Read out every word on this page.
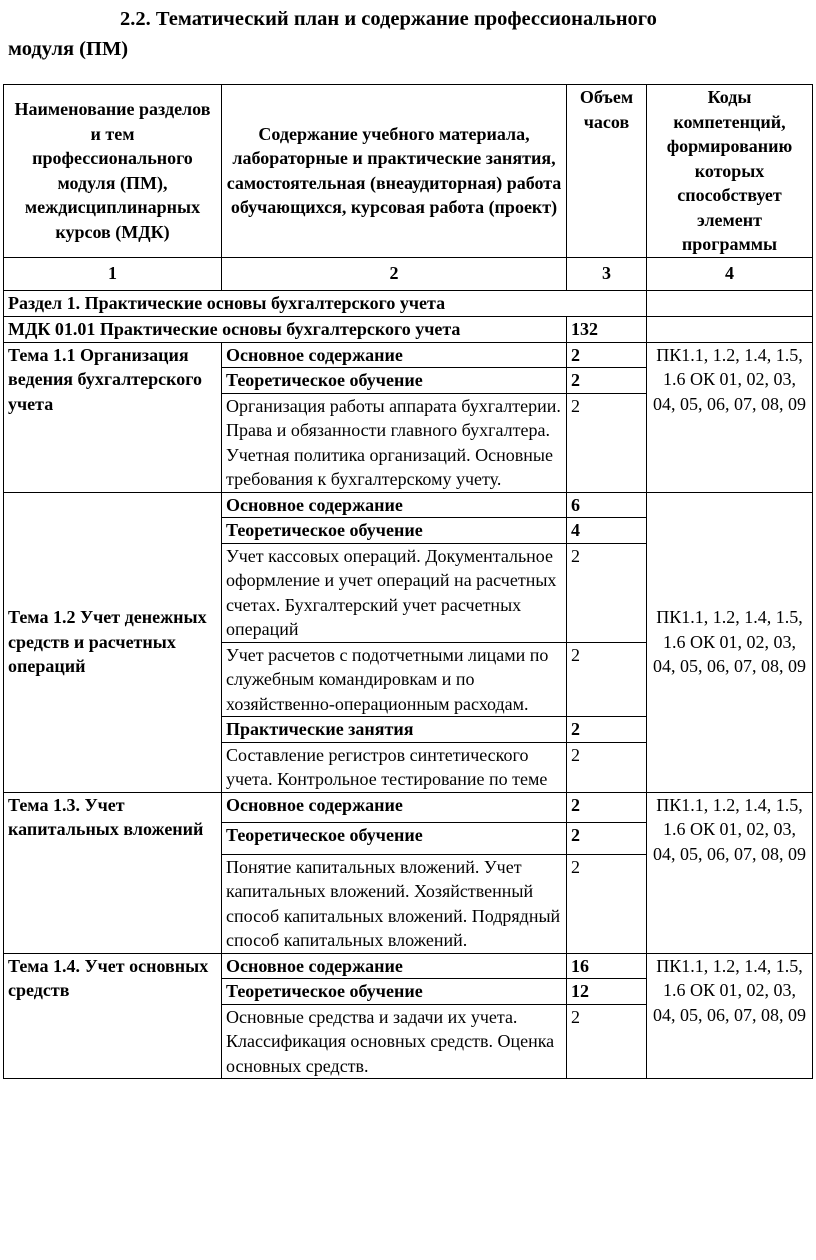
2.2. Тематический план и содержание профессионального
модуля (ПМ)
Наименование разделов и тем профессионального модуля (ПМ), междисциплинарных курсов (МДК)	Содержание учебного материала, лабораторные и практические занятия, самостоятельная (внеаудиторная) работа обучающихся, курсовая работа (проект)	Объем часов	Коды компетенций, формированию которых способствует элемент программы
1	2	3	4
Раздел 1. Практические основы бухгалтерского учета			
МДК 01.01 Практические основы бухгалтерского учета		132	
Тема 1.1 Организация ведения бухгалтерского учета	Основное содержание	2	ПК1.1, 1.2, 1.4, 1.5, 1.6 ОК 01, 02, 03, 04, 05, 06, 07, 08, 09
	Теоретическое обучение	2	
	Организация работы аппарата бухгалтерии. Права и обязанности главного бухгалтера. Учетная политика организаций. Основные требования к бухгалтерскому учету.	2	
Тема 1.2 Учет денежных средств и расчетных операций	Основное содержание	6	ПК1.1, 1.2, 1.4, 1.5, 1.6 ОК 01, 02, 03, 04, 05, 06, 07, 08, 09
	Теоретическое обучение	4	
	Учет кассовых операций. Документальное оформление и учет операций на расчетных счетах. Бухгалтерский учет расчетных операций	2	
	Учет расчетов с подотчетными лицами по служебным командировкам и по хозяйственно-операционным расходам.	2	
	Практические занятия	2	
	Составление регистров синтетического учета. Контрольное тестирование по теме	2	
Тема 1.3. Учет капитальных вложений	Основное содержание	2	ПК1.1, 1.2, 1.4, 1.5, 1.6 ОК 01, 02, 03, 04, 05, 06, 07, 08, 09
	Теоретическое обучение	2	
	Понятие капитальных вложений. Учет капитальных вложений. Хозяйственный способ капитальных вложений. Подрядный способ капитальных вложений.	2	
Тема 1.4. Учет основных средств	Основное содержание	16	ПК1.1, 1.2, 1.4, 1.5, 1.6 ОК 01, 02, 03, 04, 05, 06, 07, 08, 09
	Теоретическое обучение	12	
	Основные средства и задачи их учета. Классификация основных средств. Оценка основных средств.	2	
